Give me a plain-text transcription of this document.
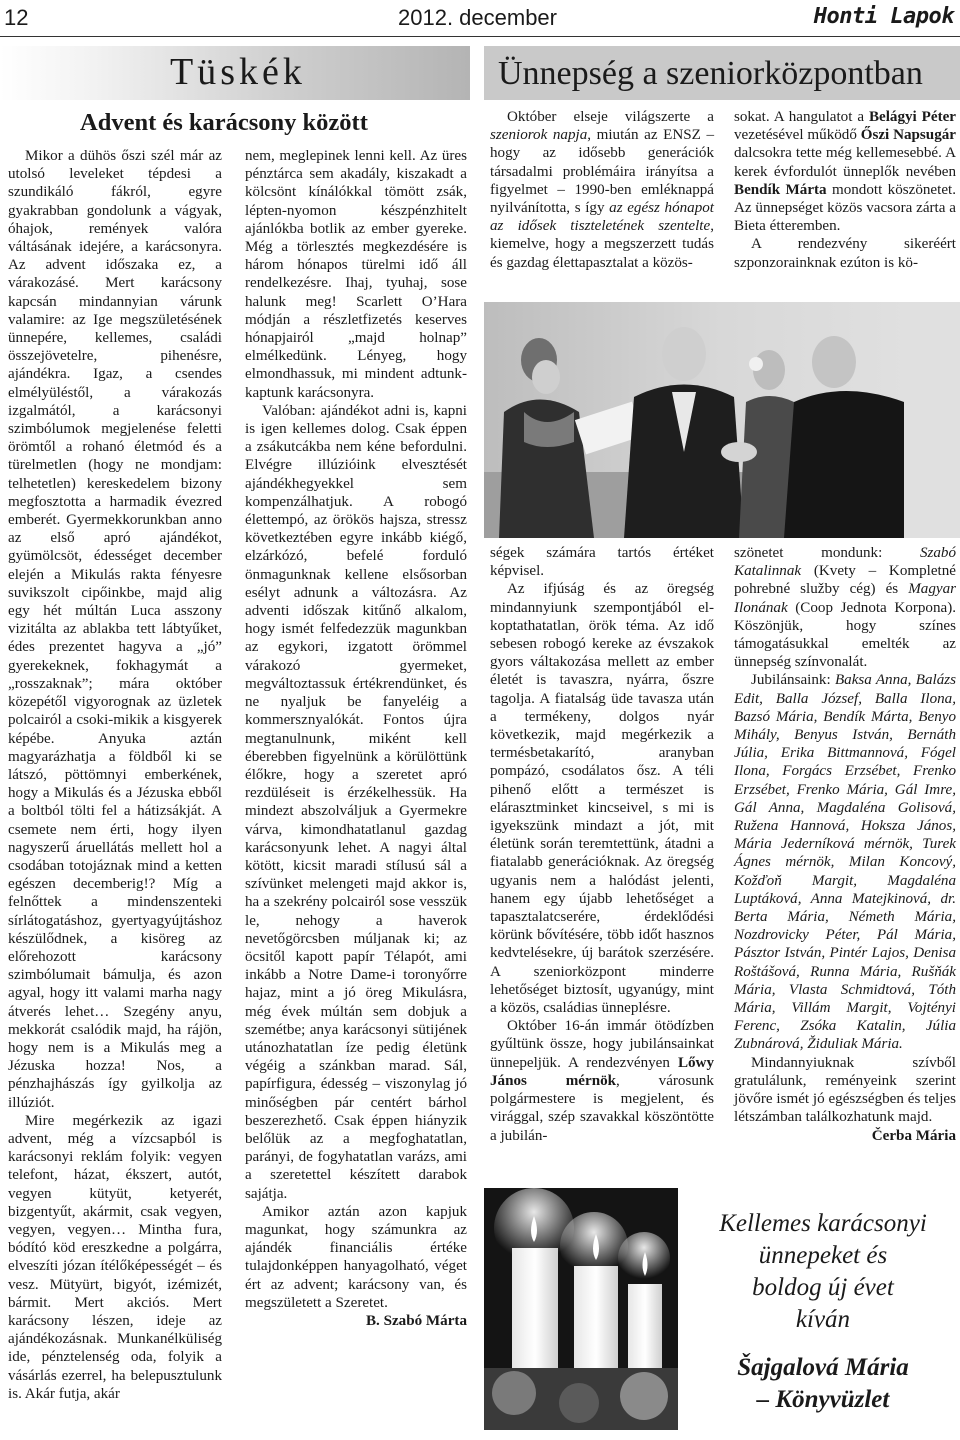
12	2012. december	Honti Lapok
Tüskék
Advent és karácsony között

Mikor a dühös őszi szél már az utolsó leveleket tépdesi a szundikáló fákról, egyre gyakrabban gondolunk a vágyak, óhajok, remények valóra váltásának idejére, a karácsonyra. Az advent időszaka ez, a várakozásé. Mert karácsony kapcsán mindannyian várunk valamire: az Ige megszületésének ünnepére, kellemes, családi összejövetelre, pihenésre, ajándékra. Igaz, a csendes elmélyüléstől, a várakozás izgalmától, a karácsonyi szimbólumok megjelenése feletti örömtől a rohanó életmód és a türelmetlen (hogy ne mondjam: telhetetlen) kereskedelem bizony megfosztotta a harmadik évezred emberét. Gyermekkorunkban anno az első apró ajándékot, gyümölcsöt, édességet december elején a Mikulás rakta fényesre suvikszolt cipőinkbe, majd alig egy hét múltán Luca asszony vizitálta az ablakba tett lábtyűket, édes prezentet hagyva a „jó” gyerekeknek, fokhagymát a „rosszaknak”; mára október közepétől vigyorognak az üzletek polcairól a csoki-mikik a kisgyerek képébe. Anyuka aztán magyarázhatja a földből ki se látszó, pöttömnyi emberkének, hogy a Mikulás és a Jézuska ebből a boltból tölti fel a hátizsákját. A csemete nem érti, hogy ilyen nagyszerű áruellátás mellett hol a csodában totojáznak mind a ketten egészen decemberig!? Míg a felnőttek a mindenszenteki sírlátogatáshoz, gyertyagyújtáshoz készülődnek, a kisöreg az előrehozott karácsony szimbólumait bámulja, és azon agyal, hogy itt valami marha nagy átverés lehet… Szegény anyu, mekkorát csalódik majd, ha rájön, hogy nem is a Mikulás meg a Jézuska hozza! Nos, a pénzhajhászás így gyilkolja az illúziót.

Mire megérkezik az igazi advent, még a vízcsapból is karácsonyi reklám folyik: vegyen telefont, házat, ékszert, autót, vegyen kütyüt, ketyerét, bizgentyűt, akármit, csak vegyen, vegyen, vegyen… Mintha fura, bódító köd ereszkedne a polgárra, elveszíti józan ítélőképességét – és vesz. Mütyürt, bigyót, izémizét, bármit. Mert akciós. Mert karácsony lészen, ideje az ajándékozásnak. Munkanélküliség ide, pénztelenség oda, folyik a vásárlás ezerrel, ha belepusztulunk is. Akár futja, akár

nem, meglepinek lenni kell. Az üres pénztárca sem akadály, kiszakadt a kölcsönt kínálókkal tömött zsák, lépten-nyomon készpénzhitelt ajánlókba botlik az ember gyereke. Még a törlesztés megkezdésére is három hónapos türelmi idő áll rendelkezésre. Ihaj, tyuhaj, sose halunk meg! Scarlett O’Hara módján a részletfizetés keserves hónapjairól „majd holnap” elmélkedünk. Lényeg, hogy elmondhassuk, mi mindent adtunk-kaptunk karácsonyra.

Valóban: ajándékot adni is, kapni is igen kellemes dolog. Csak éppen a zsákutcákba nem kéne befordulni. Elvégre illúzióink elvesztését ajándékhegyekkel sem kompenzálhatjuk. A robogó élettempó, az örökös hajsza, stressz következtében egyre inkább kiégő, elzárkózó, befelé forduló önmagunknak kellene elsősorban esélyt adnunk a változásra. Az adventi időszak kitűnő alkalom, hogy ismét felfedezzük magunkban az egykori, izgatott örömmel várakozó gyermeket, megváltoztassuk értékrendünket, és ne nyaljuk be fanyeléig a kommersznyalókát. Fontos újra megtanulnunk, miként kell éberebben figyelnünk a körülöttünk élőkre, hogy a szeretet apró rezdüléseit is érzékelhessük. Ha mindezt abszolváljuk a Gyermekre várva, kimondhatatlanul gazdag karácsonyunk lehet. A nagyi által kötött, kicsit maradi stílusú sál a szívünket melengeti majd akkor is, ha a szekrény polcairól sose vesszük le, nehogy a haverok nevetőgörcsben múljanak ki; az öcsitől kapott papír Télapót, ami inkább a Notre Dame-i toronyőrre hajaz, mint a jó öreg Mikulásra, még évek múltán sem dobjuk a szemétbe; anya karácsonyi sütijének utánozhatatlan íze pedig életünk végéig a szánkban marad. Sál, papírfigura, édesség – viszonylag jó minőségben pár centért bárhol beszerezhető. Csak éppen hiányzik belőlük az a megfoghatatlan, parányi, de fogyhatatlan varázs, ami a szeretettel készített darabok sajátja.

Amikor aztán azon kapjuk magunkat, hogy számunkra az ajándék financiális értéke tulajdonképpen hanyagolható, véget ért az advent; karácsony van, és megszületett a Szeretet.

B. Szabó Márta

Ünnepség a szeniorközpontban

Október elseje világszerte a szeniorok napja, miután az ENSZ – hogy az idősebb generációk társadalmi problémáira irányítsa a figyelmet – 1990-ben emléknappá nyilvánította, s így az egész hónapot az idősek tiszteletének szentelte, kiemelve, hogy a megszerzett tudás és gazdag élettapasztalat a közös-

sokat. A hangulatot a Belágyi Péter vezetésével működő Őszi Napsugár dalcsokra tette még kellemesebbé. A kerek évfordulót ünneplők nevében Bendík Márta mondott köszönetet. Az ünnepséget közös vacsora zárta a Bieta étteremben.

A rendezvény sikeréért szponzorainknak ezúton is kö-

ségek számára tartós értéket képvisel.

Az ifjúság és az öregség mindannyiunk szempontjából el-koptathatatlan, örök téma. Az idő sebesen robogó kereke az évszakok gyors váltakozása mellett az ember életét is tavaszra, nyárra, őszre tagolja. A fiatalság üde tavasza után a termékeny, dolgos nyár következik, majd megérkezik a termésbetakarító, aranyban pompázó, csodálatos ősz. A téli pihenő előtt a természet is elárasztminket kincseivel, s mi is igyekszünk mindazt a jót, mit életünk során teremtettünk, átadni a fiatalabb generációknak. Az öregség ugyanis nem a halódást jelenti, hanem egy újabb lehetőséget a tapasztalatcserére, érdeklődési körünk bővítésére, több időt hasznos kedvtelésekre, új barátok szerzésére. A szeniorközpont minderre lehetőséget biztosít, ugyanúgy, mint a közös, családias ünneplésre.

Október 16-án immár ötödízben gyűltünk össze, hogy jubilánsainkat ünnepeljük. A rendezvényen Lőwy János mérnök, városunk polgármestere is megjelent, és virággal, szép szavakkal köszöntötte a jubilán-

szönetet mondunk: Szabó Katalinnak (Kvety – Kompletné pohrebné služby cég) és Magyar Ilonának (Coop Jednota Korpona). Köszönjük, hogy színes támogatásukkal emelték az ünnepség színvonalát.

Jubilánsaink: Baksa Anna, Balázs Edit, Balla József, Balla Ilona, Bazsó Mária, Bendík Márta, Benyo Mihály, Benyus István, Bernáth Júlia, Erika Bittmannová, Fógel Ilona, Forgács Erzsébet, Frenko Erzsébet, Frenko Mária, Gál Imre, Gál Anna, Magdaléna Golisová, Ružena Hannová, Hoksza János, Mária Jederníková mérnök, Turek Ágnes mérnök, Milan Koncový, Kožďoň Margit, Magdaléna Luptáková, Anna Matejkinová, dr. Berta Mária, Németh Mária, Nozdrovicky Péter, Pál Mária, Pásztor István, Pintér Lajos, Denisa Roštášová, Runna Mária, Rušňák Mária, Vlasta Schmidtová, Tóth Mária, Villám Margit, Vojtényi Ferenc, Zsóka Katalin, Júlia Zubnárová, Židuliak Mária.

Mindannyiuknak szívből gratulálunk, reményeink szerint jövőre ismét jó egészségben és teljes létszámban találkozhatunk majd.

Čerba Mária

Kellemes karácsonyi
ünnepeket és
boldog új évet
kíván
Šajgalová Mária
– Könyvüzlet
